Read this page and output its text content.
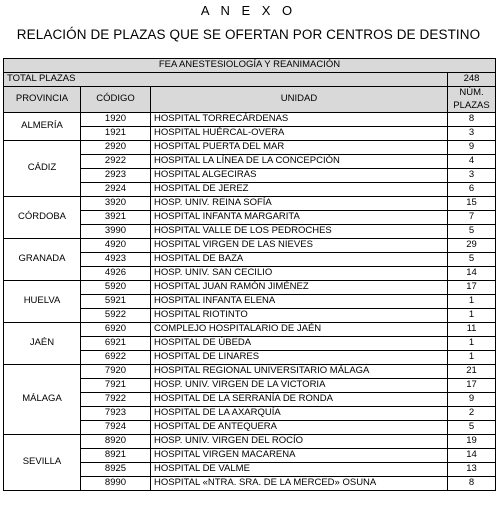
A N E X O
RELACIÓN DE PLAZAS QUE SE OFERTAN POR CENTROS DE DESTINO
FEA ANESTESIOLOGÍA Y REANIMACIÓN			
TOTAL PLAZAS			248
PROVINCIA	CÓDIGO	UNIDAD	NÚM.
PLAZAS
ALMERÍA	1920	HOSPITAL TORRECÁRDENAS	8
	1921	HOSPITAL HUÉRCAL-OVERA	3
CÁDIZ	2920	HOSPITAL PUERTA DEL MAR	9
	2922	HOSPITAL LA LÍNEA DE LA CONCEPCIÓN	4
	2923	HOSPITAL ALGECIRAS	3
	2924	HOSPITAL DE JEREZ	6
CÓRDOBA	3920	HOSP. UNIV. REINA SOFÍA	15
	3921	HOSPITAL INFANTA MARGARITA	7
	3990	HOSPITAL VALLE DE LOS PEDROCHES	5
GRANADA	4920	HOSPITAL VIRGEN DE LAS NIEVES	29
	4923	HOSPITAL DE BAZA	5
	4926	HOSP. UNIV. SAN CECILIO	14
HUELVA	5920	HOSPITAL JUAN RAMÓN JIMÉNEZ	17
	5921	HOSPITAL INFANTA ELENA	1
	5922	HOSPITAL RIOTINTO	1
JAÉN	6920	COMPLEJO HOSPITALARIO DE JAÉN	11
	6921	HOSPITAL DE ÚBEDA	1
	6922	HOSPITAL DE LINARES	1
MÁLAGA	7920	HOSPITAL REGIONAL UNIVERSITARIO MÁLAGA	21
	7921	HOSP. UNIV. VIRGEN DE LA VICTORIA	17
	7922	HOSPITAL DE LA SERRANÍA DE RONDA	9
	7923	HOSPITAL DE LA AXARQUÍA	2
	7924	HOSPITAL DE ANTEQUERA	5
SEVILLA	8920	HOSP. UNIV. VIRGEN DEL ROCÍO	19
	8921	HOSPITAL VIRGEN MACARENA	14
	8925	HOSPITAL DE VALME	13
	8990	HOSPITAL «NTRA. SRA. DE LA MERCED» OSUNA	8
